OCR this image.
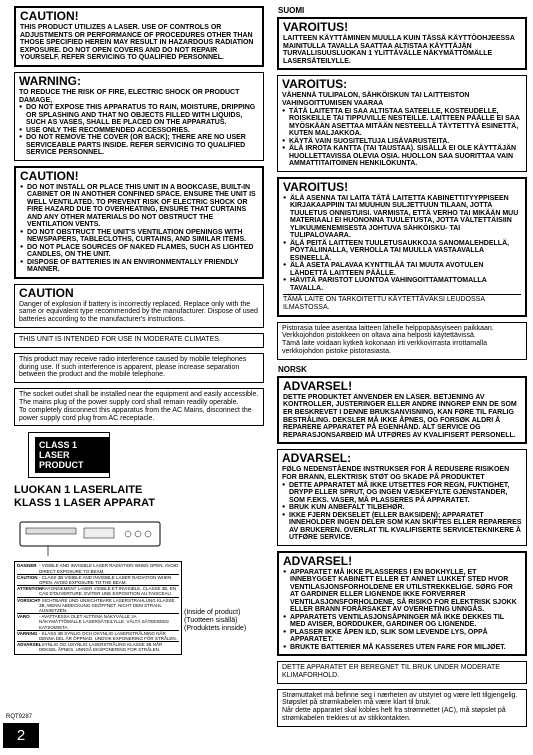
CAUTION!
THIS PRODUCT UTILIZES A LASER. USE OF CONTROLS OR ADJUSTMENTS OR PERFORMANCE OF PROCEDURES OTHER THAN THOSE SPECIFIED HEREIN MAY RESULT IN HAZARDOUS RADIATION EXPOSURE. DO NOT OPEN COVERS AND DO NOT REPAIR YOURSELF. REFER SERVICING TO QUALIFIED PERSONNEL.
WARNING:
TO REDUCE THE RISK OF FIRE, ELECTRIC SHOCK OR PRODUCT DAMAGE,
● DO NOT EXPOSE THIS APPARATUS TO RAIN, MOISTURE, DRIPPING OR SPLASHING AND THAT NO OBJECTS FILLED WITH LIQUIDS, SUCH AS VASES, SHALL BE PLACED ON THE APPARATUS.
● USE ONLY THE RECOMMENDED ACCESSORIES.
● DO NOT REMOVE THE COVER (OR BACK); THERE ARE NO USER SERVICEABLE PARTS INSIDE. REFER SERVICING TO QUALIFIED SERVICE PERSONNEL.
CAUTION!
● DO NOT INSTALL OR PLACE THIS UNIT IN A BOOKCASE, BUILT-IN CABINET OR IN ANOTHER CONFINED SPACE. ENSURE THE UNIT IS WELL VENTILATED. TO PREVENT RISK OF ELECTRIC SHOCK OR FIRE HAZARD DUE TO OVERHEATING, ENSURE THAT CURTAINS AND ANY OTHER MATERIALS DO NOT OBSTRUCT THE VENTILATION VENTS.
● DO NOT OBSTRUCT THE UNIT'S VENTILATION OPENINGS WITH NEWSPAPERS, TABLECLOTHS, CURTAINS, AND SIMILAR ITEMS.
● DO NOT PLACE SOURCES OF NAKED FLAMES, SUCH AS LIGHTED CANDLES, ON THE UNIT.
● DISPOSE OF BATTERIES IN AN ENVIRONMENTALLY FRIENDLY MANNER.
CAUTION
Danger of explosion if battery is incorrectly replaced. Replace only with the same or equivalent type recommended by the manufacturer. Dispose of used batteries according to the manufacturer's instructions.
THIS UNIT IS INTENDED FOR USE IN MODERATE CLIMATES.
This product may receive radio interference caused by mobile telephones during use. If such interference is apparent, please increase separation between the product and the mobile telephone.
The socket outlet shall be installed near the equipment and easily accessible.
The mains plug of the power supply cord shall remain readily operable.
To completely disconnect this apparatus from the AC Mains, disconnect the power supply cord plug from AC receptacle.
CLASS 1
LASER PRODUCT
LUOKAN 1 LASERLAITE
KLASS 1 LASER APPARAT
DANGER - VISIBLE AND INVISIBLE LASER RADIATION WHEN OPEN. AVOID DIRECT EXPOSURE TO BEAM.
CAUTION - CLASS 3B VISIBLE AND INVISIBLE LASER RADIATION WHEN OPEN. AVOID EXPOSURE TO THE BEAM.
ATTENTION
- RAYONNEMENT LASER VISIBLE ET INVISIBLE, CLASSE 3B, EN CAS D'OUVERTURE. EVITER UNE EXPOSITION AU FAISCEAU.
VORSICHT
- SICHTBARE UND UNSICHTBARE LASERSTRAHLUNG KLASSE 3B, WENN ABDECKUNG GEÖFFNET. NICHT DEM STRAHL AUSSETZEN.
VARO	- AVATTAESSA OLET ALTTIINA NÄKYVÄLLE JA NÄKYMÄTTÖMÄLLE LASERSÄTEILYLLE. VÄLTÄ SÄTEESEEN KATSOMISTA.
VARNING - KLASS 3B SYNLIG OCH OSYNLIG LASERSTRÅLNING NÄR DENNA DEL ÄR ÖPPNAD. UNDVIK EXPONERING FÖR STRÅLEN.
ADVARSEL
- SYNLIG OG USYNLIG LASERSTRÅLING KLASSE 3B NÅR DEKSEL ÅPNES. UNNGÅ EKSPONERING FOR STRÅLEN.
(Inside of product)
(Tuotteen sisällä)
(Produktets innside)
RQT9287
2
SUOMI
VAROITUS!
LAITTEEN KÄYTTÄMINEN MUULLA KUIN TÄSSÄ KÄYTTÖOHJEESSA MAINITULLA TAVALLA SAATTAA ALTISTAA KÄYTTÄJÄN TURVALLISUUSLUOKAN 1 YLITTÄVÄLLE NÄKYMÄTTÖMÄLLE LASERSÄTEILYLLE.
VAROITUS:
VÄHENNÄ TULIPALON, SÄHKÖISKUN TAI LAITTEISTON VAHINGOITTUMISEN VAARAA
● TÄTÄ LAITETTA EI SAA ALTISTAA SATEELLE, KOSTEUDELLE, ROISKEILLE TAI TIPPUVILLE NESTEILLE. LAITTEEN PÄÄLLE EI SAA MYÖSKÄÄN ASETTAA MITÄÄN NESTEELLÄ TÄYTETTYÄ ESINETTÄ, KUTEN MALJAKKOA.
● KÄYTÄ VAIN SUOSITELTUJA LISÄVARUSTEITA.
● ÄLÄ IRROTA KANTTA (TAI TAUSTAA). SISÄLLÄ EI OLE KÄYTTÄJÄN HUOLLETTAVISSA OLEVIA OSIA. HUOLLON SAA SUORITTAA VAIN AMMATTITAITOINEN HENKILÖKUNTA.
VAROITUS!
● ÄLÄ ASENNA TAI LAITA TÄTÄ LAITETTA KABINETTITYYPPISEEN KIRJAKAAPPIIN TAI MUUHUN SULJETTUUN TILAAN, JOTTA TUULETUS ONNISTUISI. VARMISTA, ETTÄ VERHO TAI MIKÄÄN MUU MATERIAALI EI HUONONNA TUULETUSTA, JOTTA VÄLTETTÄISIIN YLIKUUMENEMISESTA JOHTUVA SÄHKÖISKU- TAI TULIPALOVAARA.
● ÄLÄ PEITÄ LAITTEEN TUULETUSAUKKOJA SANOMALEHDELLÄ, PÖYTÄLIINALLA, VERHOLLA TAI MUULLA VASTAAVALLA ESINEELLÄ.
● ÄLÄ ASETA PALAVAA KYNTTILÄÄ TAI MUUTA AVOTULEN LÄHDETTÄ LAITTEEN PÄÄLLE.
● HÄVITÄ PARISTOT LUONTOA VAHINGOITTAMATTOMALLA TAVALLA.
TÄMÄ LAITE ON TARKOITETTU KÄYTETTÄVÄKSI LEUDOSSA ILMASTOSSA.
Pistorasia tulee asentaa laitteen lähelle helppopääsyiseen paikkaan.
Verkkojohdon pistokkeen on oltava aina helposti käytettävissä.
Tämä laite voidaan kytkeä kokonaan irti verkkovirrasta irrottamalla verkkojohdon pistoke pistorasiasta.
NORSK
ADVARSEL!
DETTE PRODUKTET ANVENDER EN LASER. BETJENING AV KONTROLLER, JUSTERINGER ELLER ANDRE INNGREP ENN DE SOM ER BESKREVET I DENNE BRUKSANVISNING, KAN FØRE TIL FARLIG BESTRÅLING. DEKSLER MÅ IKKE ÅPNES, OG FORSØK ALDRI Å REPARERE APPARATET PÅ EGENHÅND. ALT SERVICE OG REPARASJONSARBEID MÅ UTFØRES AV KVALIFISERT PERSONELL.
ADVARSEL:
FØLG NEDENSTÅENDE INSTRUKSER FOR Å REDUSERE RISIKOEN FOR BRANN, ELEKTRISK STØT OG SKADE PÅ PRODUKTET
● DETTE APPARATET MÅ IKKE UTSETTES FOR REGN, FUKTIGHET, DRYPP ELLER SPRUT, OG INGEN VÆSKEFYLTE GJENSTANDER, SOM F.EKS. VASER, MÅ PLASSERES PÅ APPARATET.
● BRUK KUN ANBEFALT TILBEHØR.
● IKKE FJERN DEKSELET (ELLER BAKSIDEN); APPARATET INNEHOLDER INGEN DELER SOM KAN SKIFTES ELLER REPARERES AV BRUKEREN. OVERLAT TIL KVALIFISERTE SERVICETEKNIKERE Å UTFØRE SERVICE.
ADVARSEL!
● APPARATET MÅ IKKE PLASSERES I EN BOKHYLLE, ET INNEBYGGET KABINETT ELLER ET ANNET LUKKET STED HVOR VENTILASJONSFORHOLDENE ER UTILSTREKKELIGE. SØRG FOR AT GARDINER ELLER LIGNENDE IKKE FORVERRER VENTILASJONSFORHOLDENE, SÅ RISIKO FOR ELEKTRISK SJOKK ELLER BRANN FORÅRSAKET AV OVERHETING UNNGÅS.
● APPARATETS VENTILASJONSÅPNINGER MÅ IKKE DEKKES TIL MED AVISER, BORDDUKER, GARDINER OG LIGNENDE.
● PLASSER IKKE ÅPEN ILD, SLIK SOM LEVENDE LYS, OPPÅ APPARATET.
● BRUKTE BATTERIER MÅ KASSERES UTEN FARE FOR MILJØET.
DETTE APPARATET ER BEREGNET TIL BRUK UNDER MODERATE KLIMAFORHOLD.
Strømuttaket må befinne seg i nærheten av utstyret og være lett tilgjengelig.
Støpslet på strømkabelen må være klart til bruk.
Når dette apparatet skal kobles helt fra strømnettet (AC), må støpslet på strømkabelen trekkes ut av stikkontakten.
